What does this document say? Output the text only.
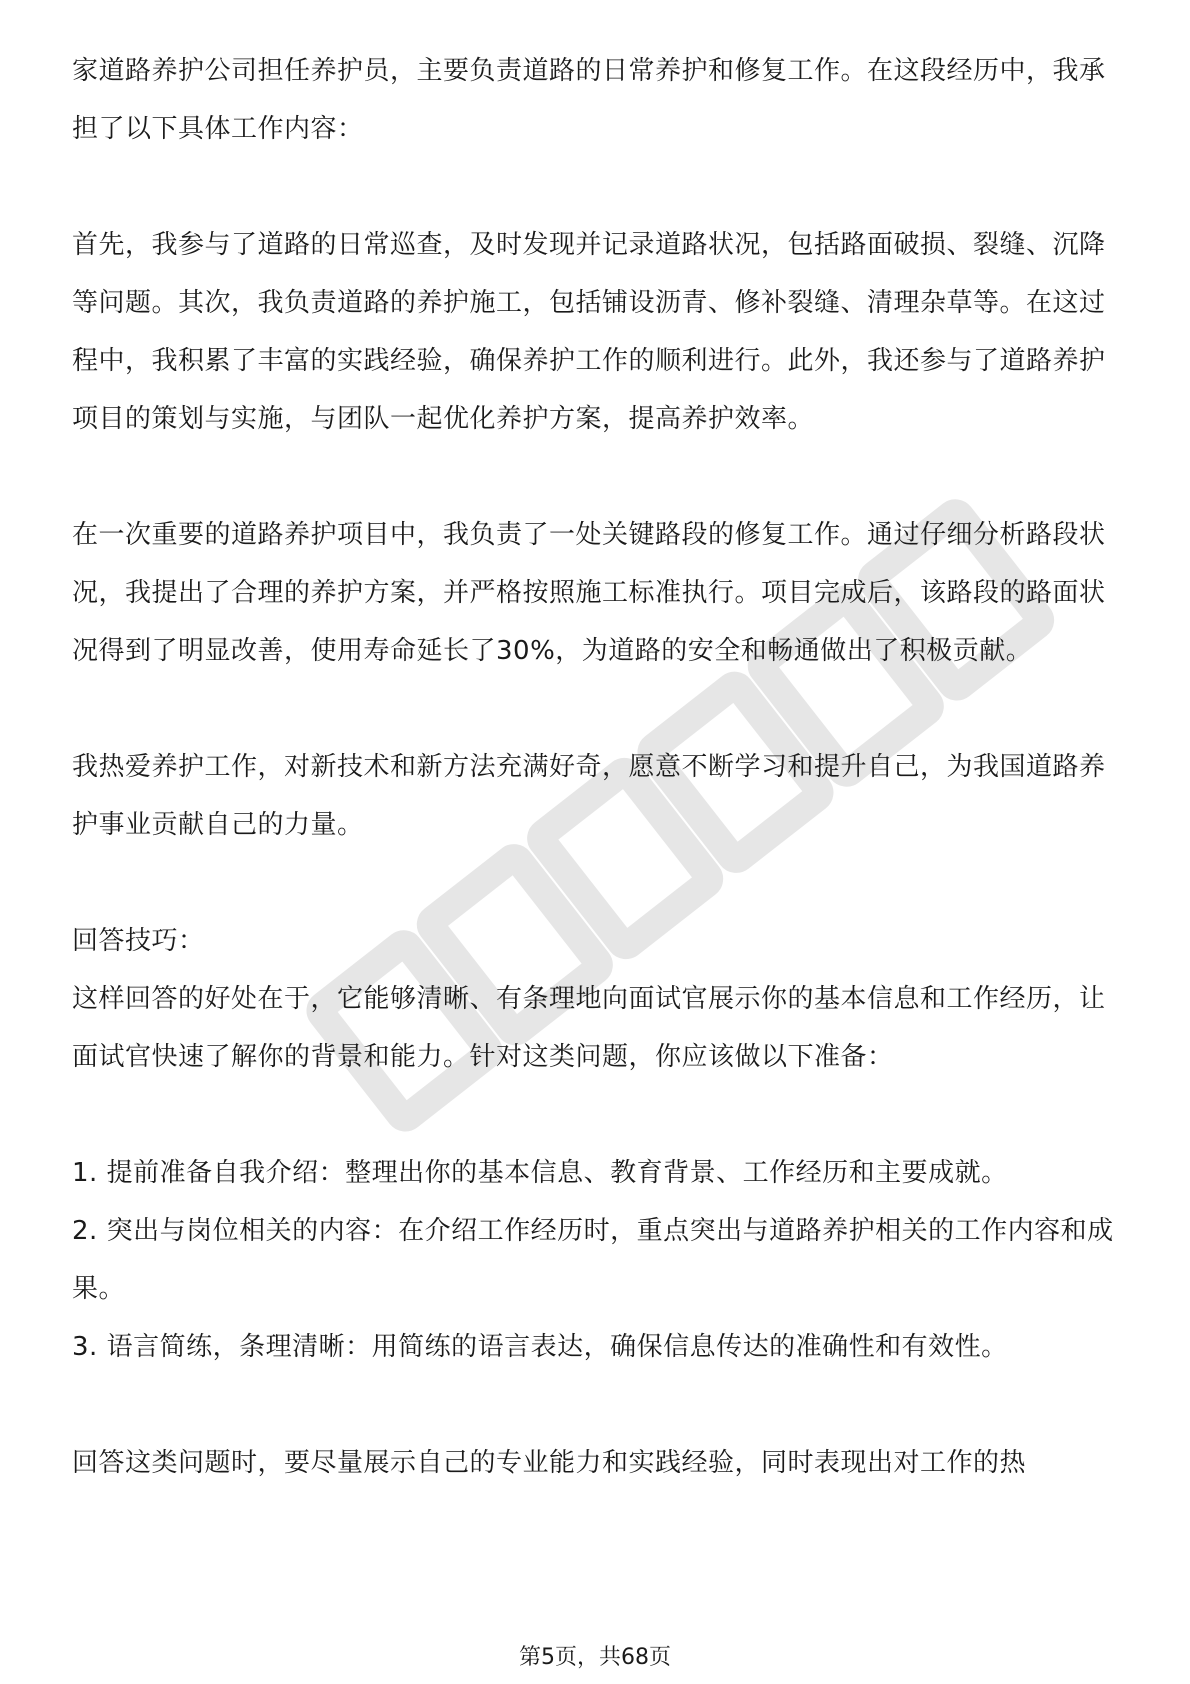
家道路养护公司担任养护员，主要负责道路的日常养护和修复工作。在这段经历中，我承担了以下具体工作内容：

首先，我参与了道路的日常巡查，及时发现并记录道路状况，包括路面破损、裂缝、沉降等问题。其次，我负责道路的养护施工，包括铺设沥青、修补裂缝、清理杂草等。在这过程中，我积累了丰富的实践经验，确保养护工作的顺利进行。此外，我还参与了道路养护项目的策划与实施，与团队一起优化养护方案，提高养护效率。

在一次重要的道路养护项目中，我负责了一处关键路段的修复工作。通过仔细分析路段状况，我提出了合理的养护方案，并严格按照施工标准执行。项目完成后，该路段的路面状况得到了明显改善，使用寿命延长了30%，为道路的安全和畅通做出了积极贡献。

我热爱养护工作，对新技术和新方法充满好奇，愿意不断学习和提升自己，为我国道路养护事业贡献自己的力量。

回答技巧：

这样回答的好处在于，它能够清晰、有条理地向面试官展示你的基本信息和工作经历，让面试官快速了解你的背景和能力。针对这类问题，你应该做以下准备：

1. 提前准备自我介绍：整理出你的基本信息、教育背景、工作经历和主要成就。

2. 突出与岗位相关的内容：在介绍工作经历时，重点突出与道路养护相关的工作内容和成果。

3. 语言简练，条理清晰：用简练的语言表达，确保信息传达的准确性和有效性。

回答这类问题时，要尽量展示自己的专业能力和实践经验，同时表现出对工作的热

第5页，共68页
